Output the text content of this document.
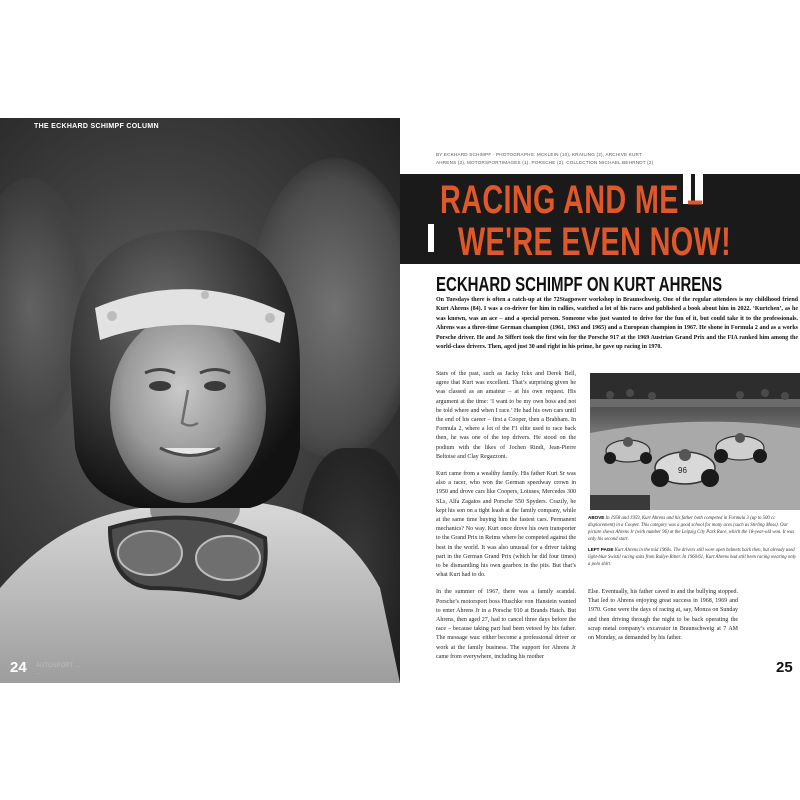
THE ECKHARD SCHIMPF COLUMN
24 AUTOSPORT ...
...
BY ECKHARD SCHIMPF · PHOTOGRAPHS: MCKLEIN (10), KRAILING (2), ARCHIVE KURT AHRENS (3), MOTORSPORTIMAGES (1), PORSCHE (2), COLLECTION MICHAEL BEHRNDT (2)
RACING AND ME –
WE'RE EVEN NOW!
ECKHARD SCHIMPF ON KURT AHRENS
On Tuesdays there is often a catch-up at the 72Stagpower workshop in Braunschweig. One of the regular attendees is my childhood friend Kurt Ahrens (84). I was a co-driver for him in rallies, watched a lot of his races and published a book about him in 2022. ‘Kurtchen’, as he was known, was an ace – and a special person. Someone who just wanted to drive for the fun of it, but could take it to the professionals. Ahrens was a three-time German champion (1961, 1963 and 1965) and a European champion in 1967. He shone in Formula 2 and as a works Porsche driver. He and Jo Siffert took the first win for the Porsche 917 at the 1969 Austrian Grand Prix and the FIA ranked him among the world-class drivers. Then, aged just 30 and right in his prime, he gave up racing in 1970.

Stars of the past, such as Jacky Ickx and Derek Bell, agree that Kurt was excellent. That’s surprising given he was classed as an amateur – at his own request. His argument at the time: ‘I want to be my own boss and not be told where and when I race.’ He had his own cars until the end of his career – first a Cooper, then a Brabham. In Formula 2, where a lot of the F1 elite used to race back then, he was one of the top drivers. He stood on the podium with the likes of Jochen Rindt, Jean-Pierre Beltoise and Clay Regazzoni.

Kurt came from a wealthy family. His father Kurt Sr was also a racer, who won the German speedway crown in 1950 and drove cars like Coopers, Lotuses, Mercedes 300 SLs, Alfa Zagatos and Porsche 550 Spyders. Crazily, he kept his son on a tight leash at the family company, while at the same time buying him the fastest cars. Permanent mechanics? No way. Kurt once drove his own transporter to the Grand Prix in Reims where he competed against the best in the world. It was also unusual for a driver taking part in the German Grand Prix (which he did four times) to be dismantling his own gearbox in the pits. But that’s what Kurt had to do.

In the summer of 1967, there was a family scandal. Porsche’s motorsport boss Huschke von Hanstein wanted to enter Ahrens Jr in a Porsche 910 at Brands Hatch. But Ahrens, then aged 27, had to cancel three days before the race – because taking part had been vetoed by his father. The message was: either become a professional driver or work at the family business. The support for Ahrens Jr came from everywhere, including his mother

96

ABOVE In 1958 and 1959, Kurt Ahrens and his father both competed in Formula 3 (up to 500 cc displacement) in a Cooper. This category was a good school for many aces (such as Stirling Moss). Our picture shows Ahrens Jr (with number 96) at the Leipzig City Park Race, which the 18-year-old won. It was only his second start.

LEFT PAGE Kurt Ahrens in the mid 1960s. The drivers still wore open helmets back then, but already used light-blue Swistil racing suits from Rallye-Ritter. In 1960/61, Kurt Ahrens had still been racing wearing only a polo shirt.

Else. Eventually, his father caved in and the bullying stopped. That led to Ahrens enjoying great success in 1968, 1969 and 1970. Gone were the days of racing at, say, Monza on Sunday and then driving through the night to be back operating the scrap metal company’s excavator in Braunschweig at 7 AM on Monday, as demanded by his father.

25
